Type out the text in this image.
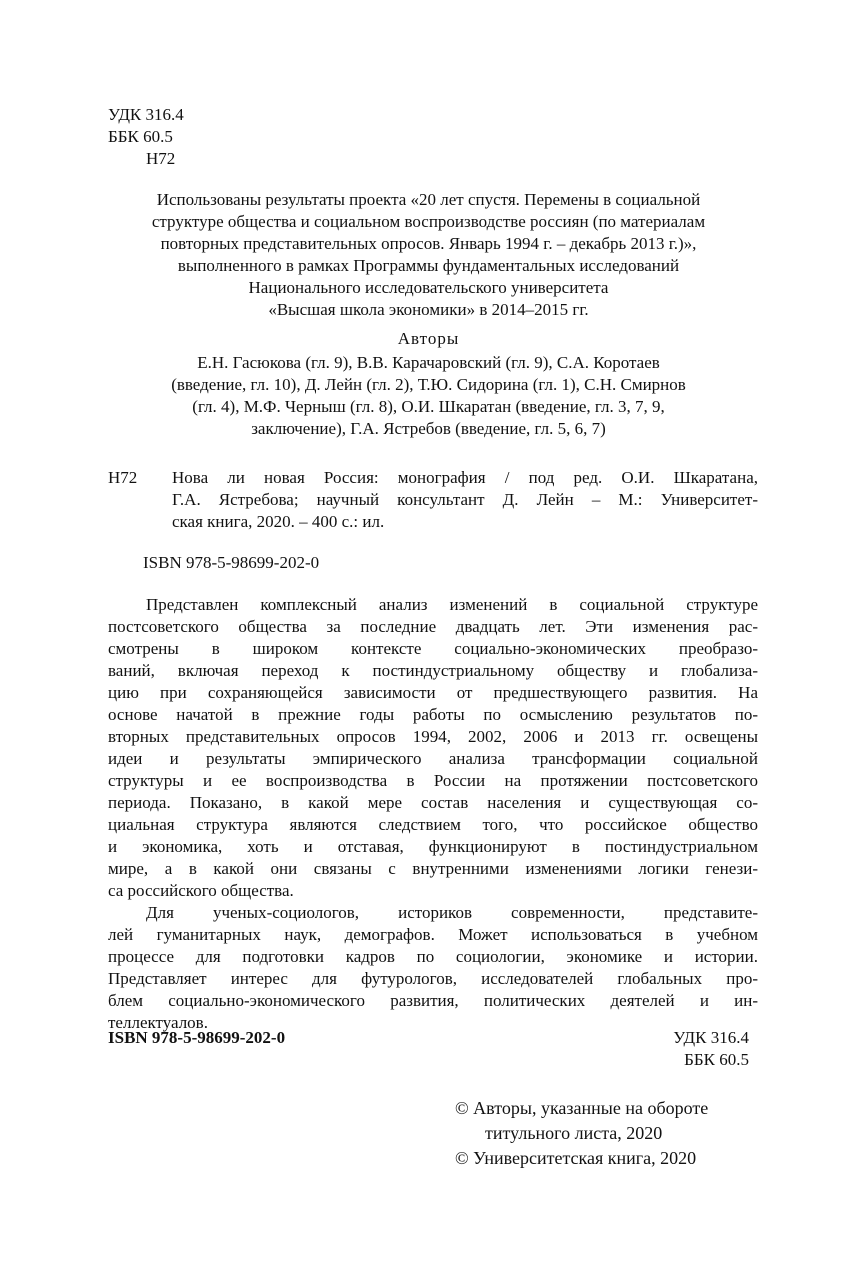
УДК 316.4
ББК 60.5
Н72
Использованы результаты проекта «20 лет спустя. Перемены в социальной
структуре общества и социальном воспроизводстве россиян (по материалам
повторных представительных опросов. Январь 1994 г. – декабрь 2013 г.)»,
выполненного в рамках Программы фундаментальных исследований
Национального исследовательского университета
«Высшая школа экономики» в 2014–2015 гг.
Авторы
Е.Н. Гасюкова (гл. 9), В.В. Карачаровский (гл. 9), С.А. Коротаев
(введение, гл. 10), Д. Лейн (гл. 2), Т.Ю. Сидорина (гл. 1), С.Н. Смирнов
(гл. 4), М.Ф. Черныш (гл. 8), О.И. Шкаратан (введение, гл. 3, 7, 9,
заключение), Г.А. Ястребов (введение, гл. 5, 6, 7)
Н72 Нова ли новая Россия: монография / под ред. О.И. Шкаратана,
Г.А. Ястребова; научный консультант Д. Лейн – М.: Университет-
ская книга, 2020. – 400 с.: ил.
ISBN 978-5-98699-202-0
Представлен комплексный анализ изменений в социальной структуре
постсоветского общества за последние двадцать лет. Эти изменения рас-
смотрены в широком контексте социально-экономических преобразо-
ваний, включая переход к постиндустриальному обществу и глобализа-
цию при сохраняющейся зависимости от предшествующего развития. На
основе начатой в прежние годы работы по осмыслению результатов по-
вторных представительных опросов 1994, 2002, 2006 и 2013 гг. освещены
идеи и результаты эмпирического анализа трансформации социальной
структуры и ее воспроизводства в России на протяжении постсоветского
периода. Показано, в какой мере состав населения и существующая со-
циальная структура являются следствием того, что российское общество
и экономика, хоть и отставая, функционируют в постиндустриальном
мире, а в какой они связаны с внутренними изменениями логики генези-
са российского общества.
Для ученых-социологов, историков современности, представите-
лей гуманитарных наук, демографов. Может использоваться в учебном
процессе для подготовки кадров по социологии, экономике и истории.
Представляет интерес для футурологов, исследователей глобальных про-
блем социально-экономического развития, политических деятелей и ин-
теллектуалов.
ISBN 978-5-98699-202-0	УДК 316.4
ББК 60.5
© Авторы, указанные на обороте
титульного листа, 2020
© Университетская книга, 2020
